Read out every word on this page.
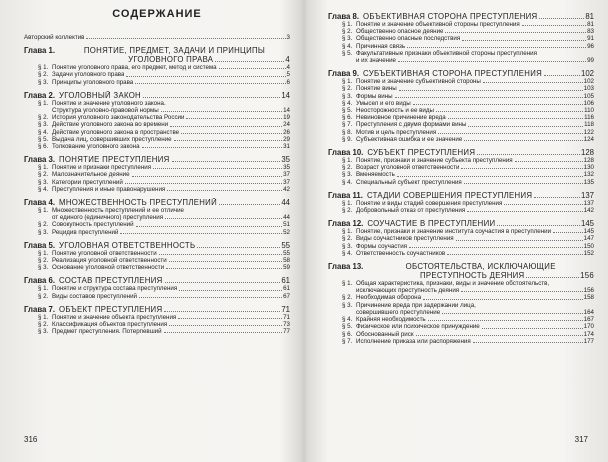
СОДЕРЖАНИЕ
Авторский коллектив	3
Глава 1.	ПОНЯТИЕ, ПРЕДМЕТ, ЗАДАЧИ И ПРИНЦИПЫ
УГОЛОВНОГО ПРАВА	4
§ 1. Понятие уголовного права, его предмет, метод и система	4
§ 2. Задачи уголовного права	5
§ 3. Принципы уголовного права	6
Глава 2. УГОЛОВНЫЙ ЗАКОН	14
§ 1. Понятие и значение уголовного закона.
Структура уголовно-правовой нормы	14
§ 2. История уголовного законодательства России	19
§ 3. Действие уголовного закона во времени	24
§ 4. Действие уголовного закона в пространстве	26
§ 5. Выдача лиц, совершивших преступление	29
§ 6. Толкование уголовного закона	31
Глава 3. ПОНЯТИЕ ПРЕСТУПЛЕНИЯ	35
§ 1. Понятие и признаки преступления	35
§ 2. Малозначительное деяние	37
§ 3. Категории преступлений	37
§ 4. Преступления и иные правонарушения	42
Глава 4. МНОЖЕСТВЕННОСТЬ ПРЕСТУПЛЕНИЙ	44
§ 1. Множественность преступлений и ее отличие
от единого (единичного) преступления	44
§ 2. Совокупность преступлений	51
§ 3. Рецидив преступлений	52
Глава 5. УГОЛОВНАЯ ОТВЕТСТВЕННОСТЬ	55
§ 1. Понятие уголовной ответственности	55
§ 2. Реализация уголовной ответственности	58
§ 3. Основание уголовной ответственности	59
Глава 6. СОСТАВ ПРЕСТУПЛЕНИЯ	61
§ 1. Понятие и структура состава преступления	61
§ 2. Виды составов преступлений	67
Глава 7. ОБЪЕКТ ПРЕСТУПЛЕНИЯ	71
§ 1. Понятие и значение объекта преступления	71
§ 2. Классификация объектов преступления	73
§ 3. Предмет преступления. Потерпевший	77
316
Глава 8. ОБЪЕКТИВНАЯ СТОРОНА ПРЕСТУПЛЕНИЯ	81
§ 1. Понятие и значение объективной стороны преступления	81
§ 2. Общественно опасное деяние	83
§ 3. Общественно опасные последствия	91
§ 4. Причинная связь	96
§ 5. Факультативные признаки объективной стороны преступления
и их значение	99
Глава 9. СУБЪЕКТИВНАЯ СТОРОНА ПРЕСТУПЛЕНИЯ	102
§ 1. Понятие и значение субъективной стороны	102
§ 2. Понятие вины	103
§ 3. Формы вины	105
§ 4. Умысел и его виды	106
§ 5. Неосторожность и ее виды	110
§ 6. Невиновное причинение вреда	116
§ 7. Преступления с двумя формами вины	118
§ 8. Мотив и цель преступления	122
§ 9. Субъективная ошибка и ее значение	124
Глава 10. СУБЪЕКТ ПРЕСТУПЛЕНИЯ	128
§ 1. Понятие, признаки и значение субъекта преступления	128
§ 2. Возраст уголовной ответственности	130
§ 3. Вменяемость	132
§ 4. Специальный субъект преступления	135
Глава 11. СТАДИИ СОВЕРШЕНИЯ ПРЕСТУПЛЕНИЯ	137
§ 1. Понятие и виды стадий совершения преступления	137
§ 2. Добровольный отказ от преступления	142
Глава 12. СОУЧАСТИЕ В ПРЕСТУПЛЕНИИ	145
§ 1. Понятие, признаки и значение института соучастия в преступлении	145
§ 2. Виды соучастников преступления	147
§ 3. Формы соучастия	150
§ 4. Ответственность соучастников	152
Глава 13.	ОБСТОЯТЕЛЬСТВА, ИСКЛЮЧАЮЩИЕ
ПРЕСТУПНОСТЬ ДЕЯНИЯ	156
§ 1. Общая характеристика, признаки, виды и значение обстоятельств,
исключающих преступность деяния	156
§ 2. Необходимая оборона	158
§ 3. Причинение вреда при задержании лица,
совершившего преступление	164
§ 4. Крайняя необходимость	167
§ 5. Физическое или психическое принуждение	170
§ 6. Обоснованный риск	174
§ 7. Исполнение приказа или распоряжения	177
317
